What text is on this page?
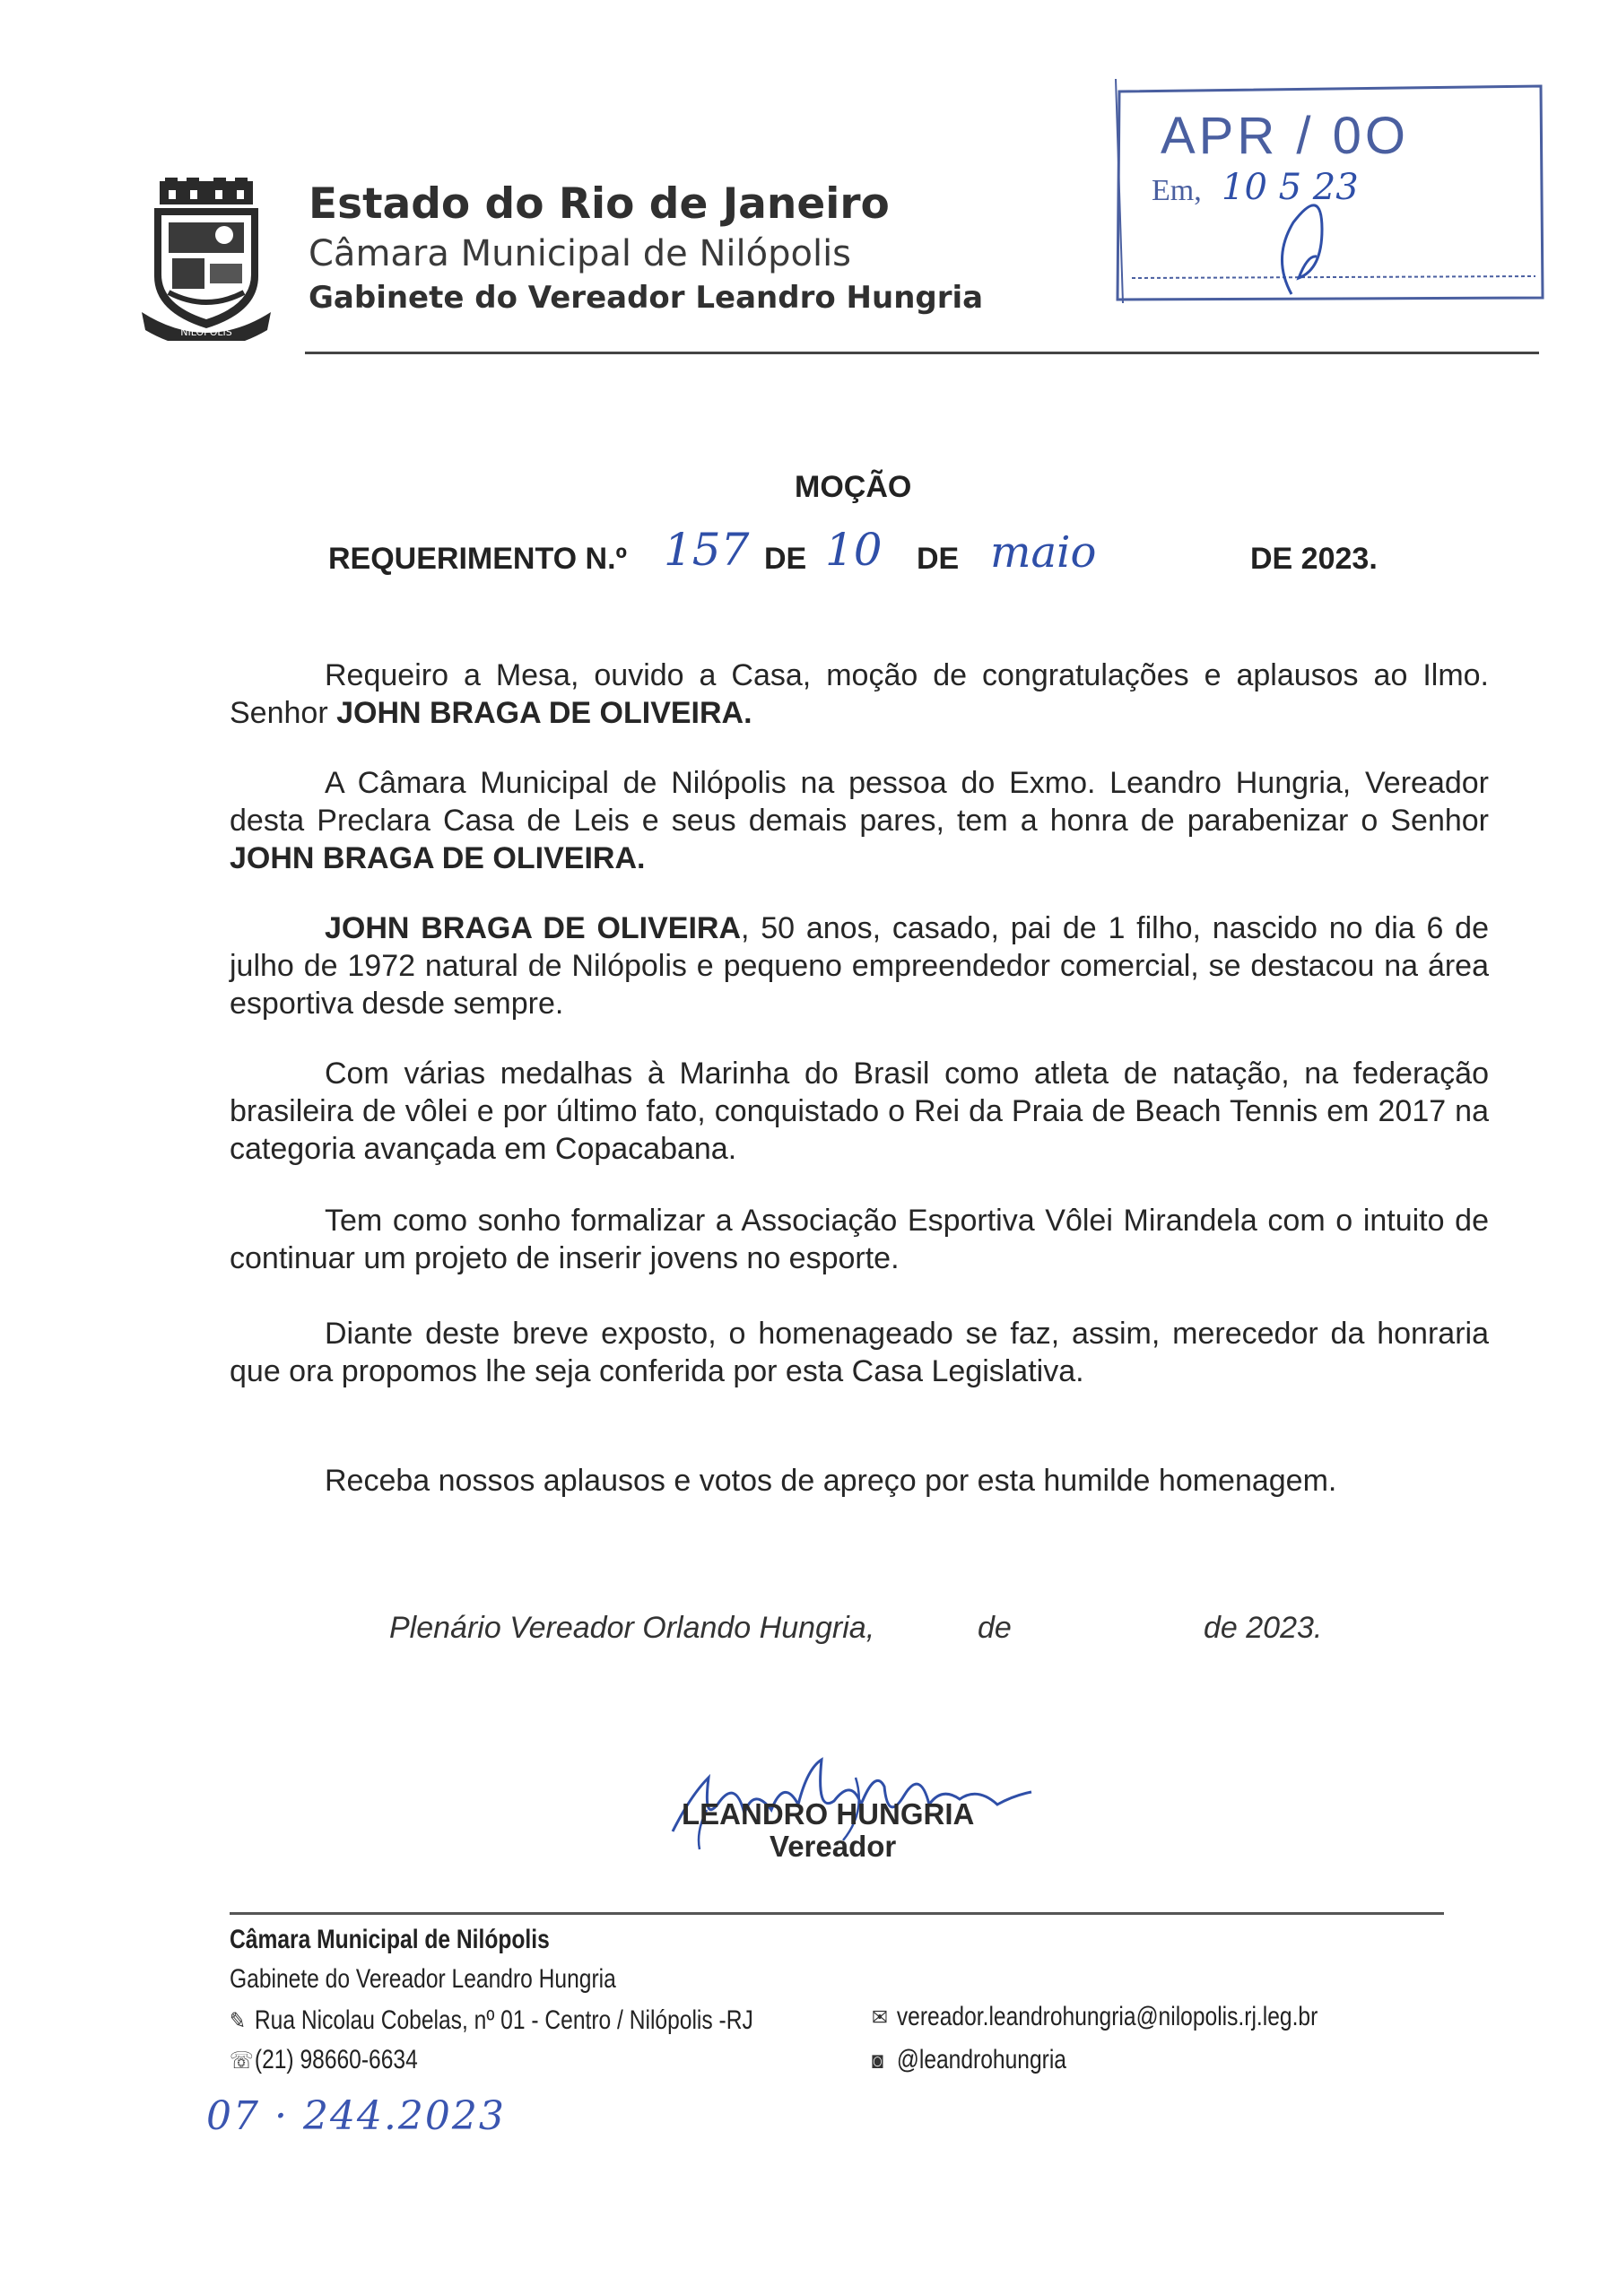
NILOPOLIS
Estado do Rio de Janeiro
Câmara Municipal de Nilópolis
Gabinete do Vereador Leandro Hungria
APR / 0O
Em, 10 5 23
MOÇÃO
REQUERIMENTO N.º 157 DE 10 DE maio	DE 2023.
Requeiro a Mesa, ouvido a Casa, moção de congratulações e aplausos ao Ilmo. Senhor JOHN BRAGA DE OLIVEIRA.
A Câmara Municipal de Nilópolis na pessoa do Exmo. Leandro Hungria, Vereador desta Preclara Casa de Leis e seus demais pares, tem a honra de parabenizar o Senhor JOHN BRAGA DE OLIVEIRA.
JOHN BRAGA DE OLIVEIRA, 50 anos, casado, pai de 1 filho, nascido no dia 6 de julho de 1972 natural de Nilópolis e pequeno empreendedor comercial, se destacou na área esportiva desde sempre.
Com várias medalhas à Marinha do Brasil como atleta de natação, na federação brasileira de vôlei e por último fato, conquistado o Rei da Praia de Beach Tennis em 2017 na categoria avançada em Copacabana.
Tem como sonho formalizar a Associação Esportiva Vôlei Mirandela com o intuito de continuar um projeto de inserir jovens no esporte.
Diante deste breve exposto, o homenageado se faz, assim, merecedor da honraria que ora propomos lhe seja conferida por esta Casa Legislativa.
Receba nossos aplausos e votos de apreço por esta humilde homenagem.
Plenário Vereador Orlando Hungria,	de	de 2023.
LEANDRO HUNGRIA
Vereador
Câmara Municipal de Nilópolis
Gabinete do Vereador Leandro Hungria
✎ Rua Nicolau Cobelas, nº 01 - Centro / Nilópolis -RJ
☏(21) 98660-6634
✉ vereador.leandrohungria@nilopolis.rj.leg.br
◙ @leandrohungria
07 · 244.2023
